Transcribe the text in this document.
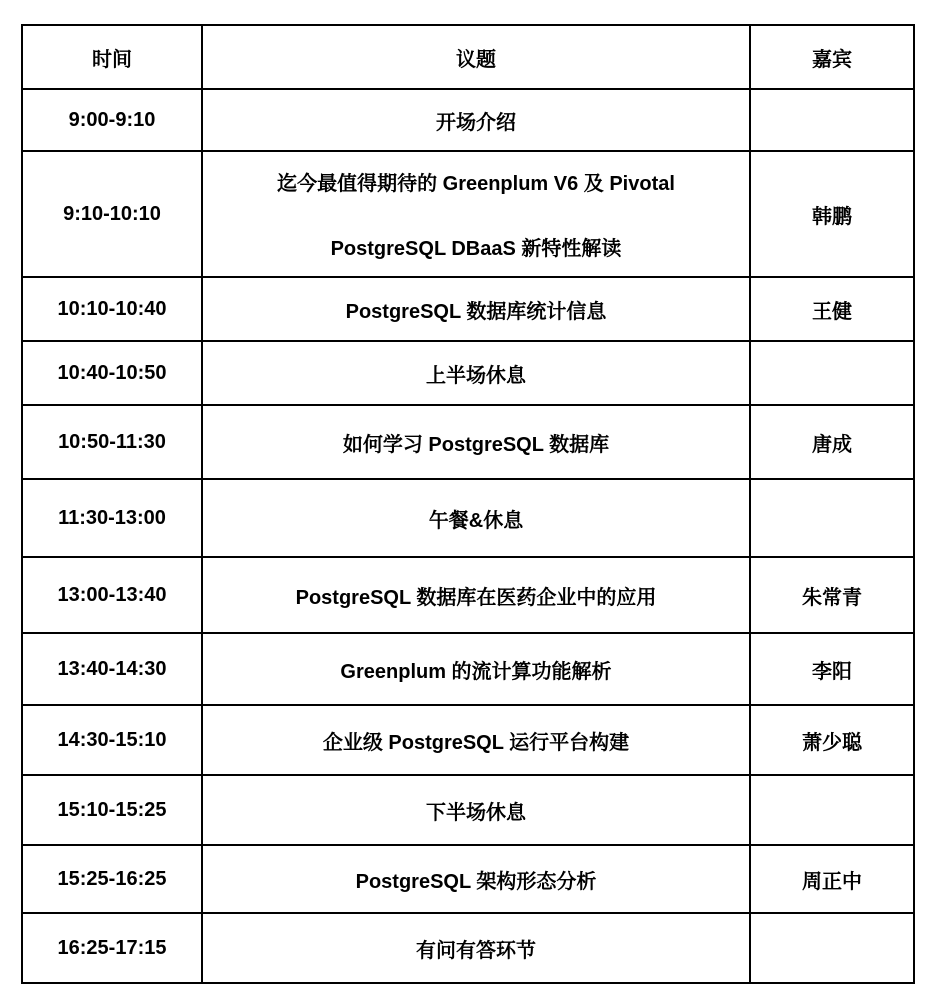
时间	议题	嘉宾
9:00-9:10	开场介绍	

9:10-10:10	迄今最值得期待的 Greenplum V6 及 Pivotal
PostgreSQL DBaaS 新特性解读	韩鹏
10:10-10:40	PostgreSQL 数据库统计信息	王健
10:40-10:50	上半场休息	

10:50-11:30	如何学习 PostgreSQL 数据库	唐成
11:30-13:00	午餐&休息	

13:00-13:40	PostgreSQL 数据库在医药企业中的应用	朱常青
13:40-14:30	Greenplum 的流计算功能解析	李阳
14:30-15:10	企业级 PostgreSQL 运行平台构建	萧少聪
15:10-15:25	下半场休息	

15:25-16:25	PostgreSQL 架构形态分析	周正中
16:25-17:15	有问有答环节	
